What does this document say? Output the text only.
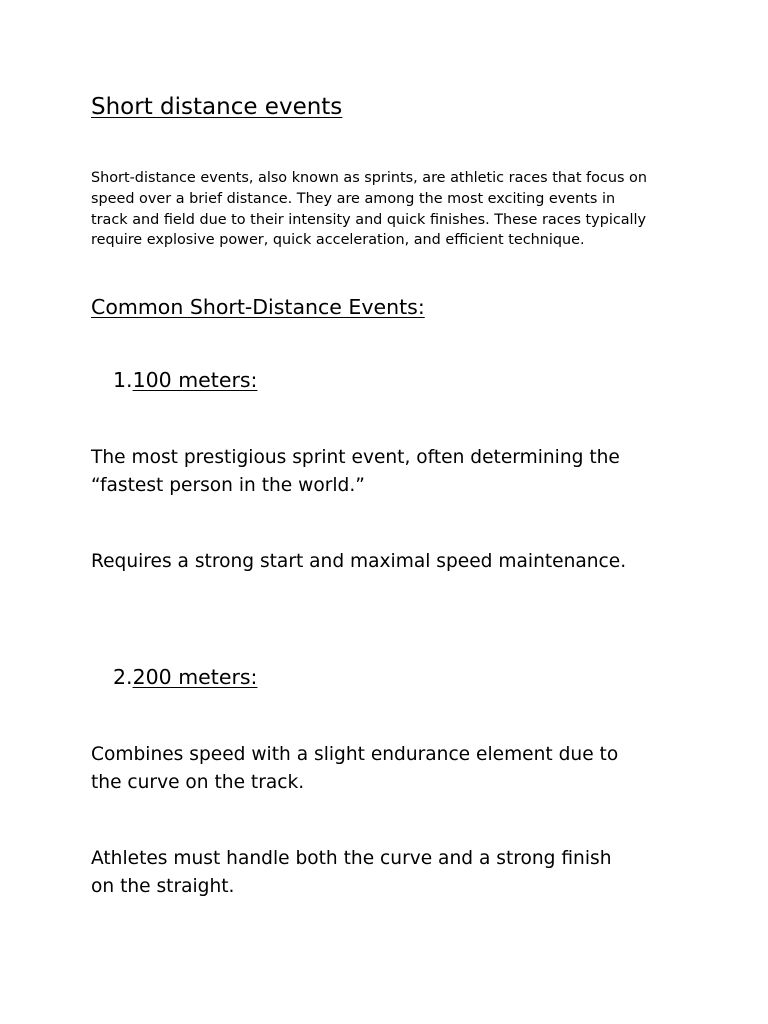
Short distance events

Short-distance events, also known as sprints, are athletic races that focus on
speed over a brief distance. They are among the most exciting events in
track and field due to their intensity and quick finishes. These races typically
require explosive power, quick acceleration, and efficient technique.

Common Short-Distance Events:
1.100 meters:

The most prestigious sprint event, often determining the
“fastest person in the world.”

Requires a strong start and maximal speed maintenance.

2.200 meters:

Combines speed with a slight endurance element due to
the curve on the track.

Athletes must handle both the curve and a strong finish
on the straight.
